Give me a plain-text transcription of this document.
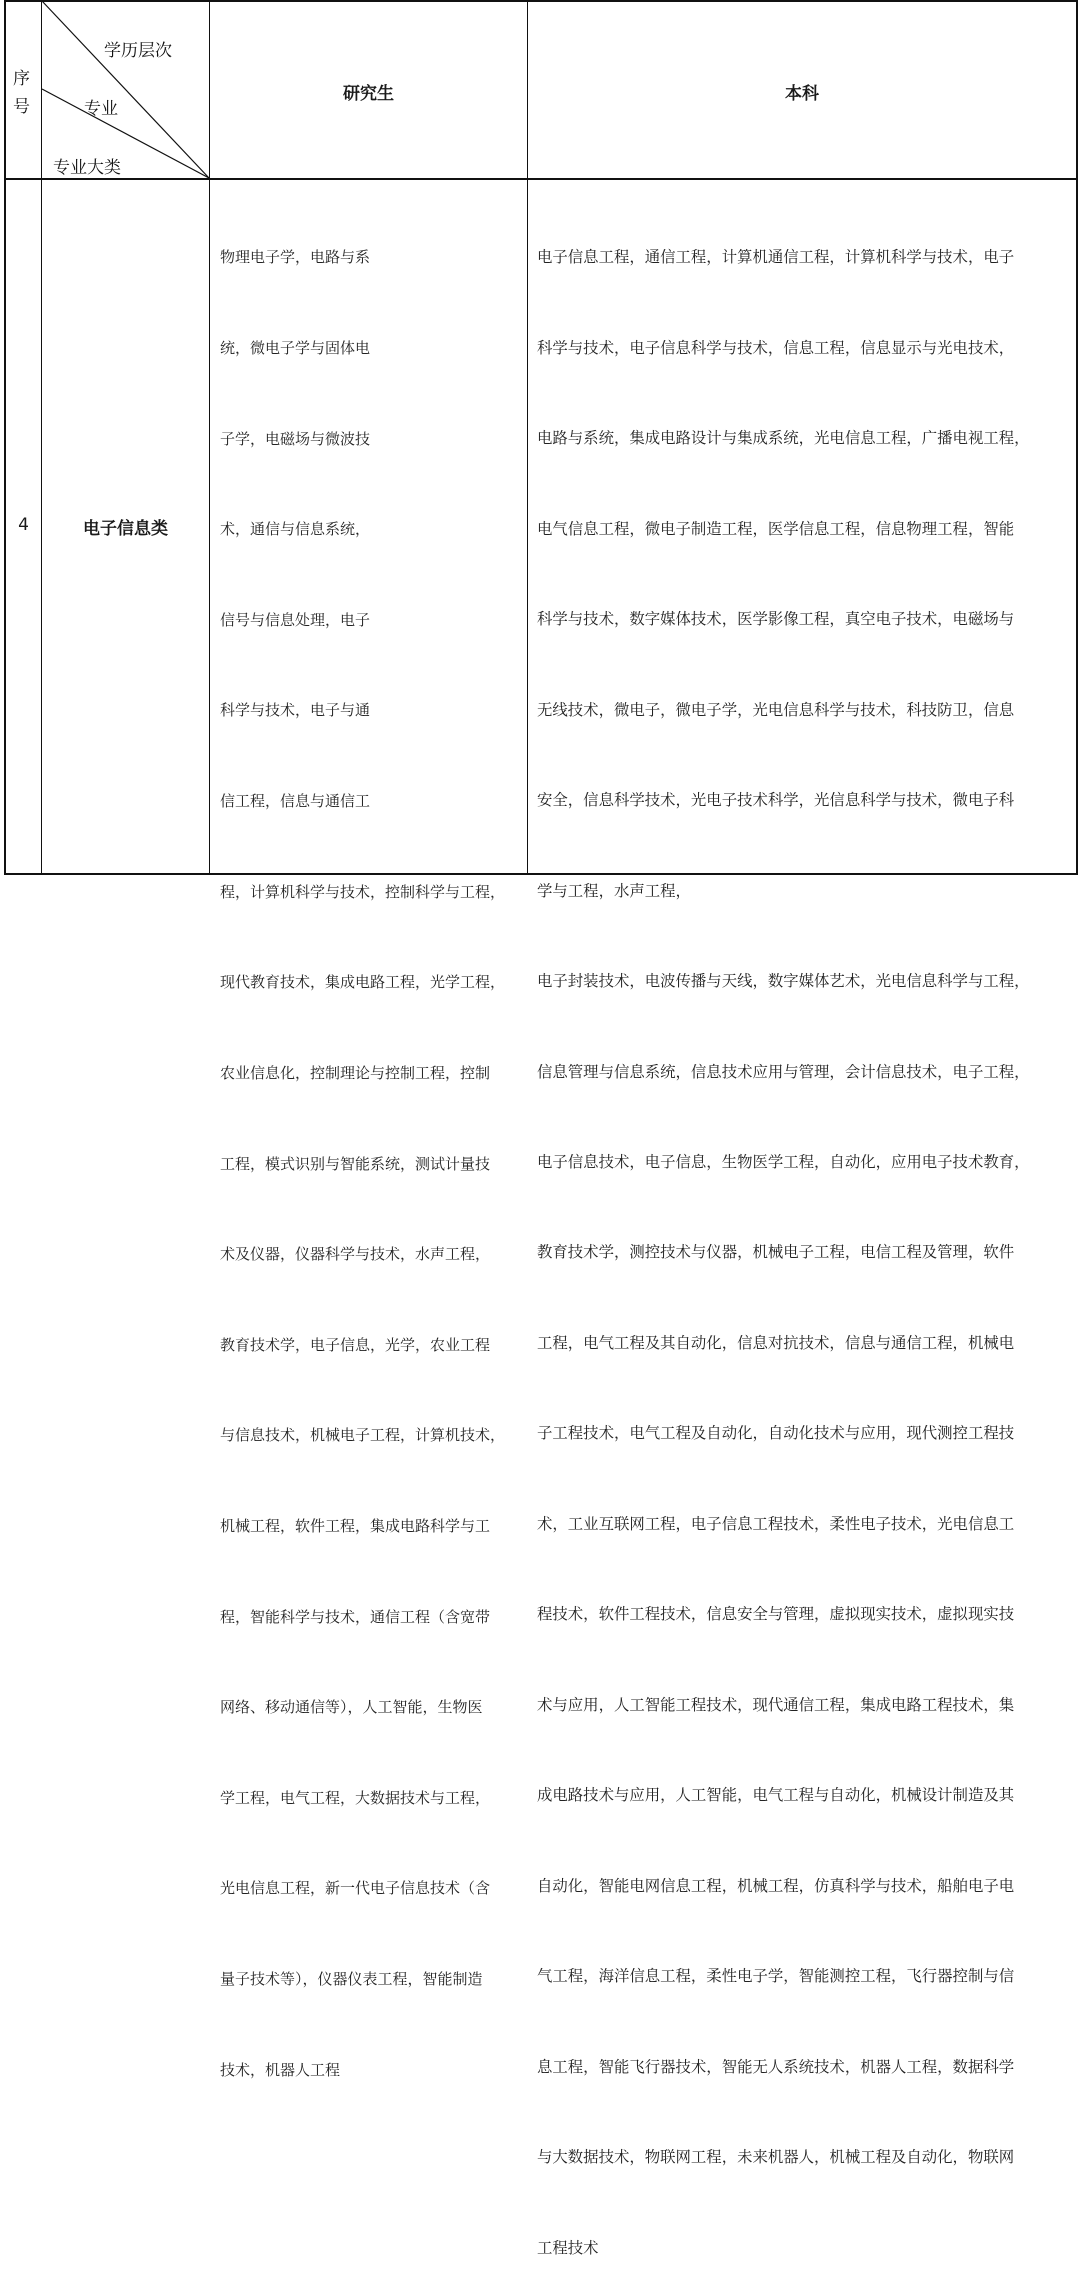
序
号
学历层次
专业
专业大类
研究生	本科
4	电子信息类

物理电子学，电路与系

统，微电子学与固体电

子学，电磁场与微波技

术，通信与信息系统，

信号与信息处理，电子

科学与技术，电子与通

信工程，信息与通信工

程，计算机科学与技术，控制科学与工程，

现代教育技术，集成电路工程，光学工程，

农业信息化，控制理论与控制工程，控制

工程，模式识别与智能系统，测试计量技

术及仪器，仪器科学与技术，水声工程，

教育技术学，电子信息，光学，农业工程

与信息技术，机械电子工程，计算机技术，

机械工程，软件工程，集成电路科学与工

程，智能科学与技术，通信工程（含宽带

网络、移动通信等），人工智能，生物医

学工程，电气工程，大数据技术与工程，

光电信息工程，新一代电子信息技术（含

量子技术等），仪器仪表工程，智能制造

技术，机器人工程

电子信息工程，通信工程，计算机通信工程，计算机科学与技术，电子

科学与技术，电子信息科学与技术，信息工程，信息显示与光电技术，

电路与系统，集成电路设计与集成系统，光电信息工程，广播电视工程，

电气信息工程，微电子制造工程，医学信息工程，信息物理工程，智能

科学与技术，数字媒体技术，医学影像工程，真空电子技术，电磁场与

无线技术，微电子，微电子学，光电信息科学与技术，科技防卫，信息

安全，信息科学技术，光电子技术科学，光信息科学与技术，微电子科

学与工程，水声工程，

电子封装技术，电波传播与天线，数字媒体艺术，光电信息科学与工程，

信息管理与信息系统，信息技术应用与管理，会计信息技术，电子工程，

电子信息技术，电子信息，生物医学工程，自动化，应用电子技术教育，

教育技术学，测控技术与仪器，机械电子工程，电信工程及管理，软件

工程，电气工程及其自动化，信息对抗技术，信息与通信工程，机械电

子工程技术，电气工程及自动化，自动化技术与应用，现代测控工程技

术，工业互联网工程，电子信息工程技术，柔性电子技术，光电信息工

程技术，软件工程技术，信息安全与管理，虚拟现实技术，虚拟现实技

术与应用，人工智能工程技术，现代通信工程，集成电路工程技术，集

成电路技术与应用，人工智能，电气工程与自动化，机械设计制造及其

自动化，智能电网信息工程，机械工程，仿真科学与技术，船舶电子电

气工程，海洋信息工程，柔性电子学，智能测控工程，飞行器控制与信

息工程，智能飞行器技术，智能无人系统技术，机器人工程，数据科学

与大数据技术，物联网工程，未来机器人，机械工程及自动化，物联网

工程技术
